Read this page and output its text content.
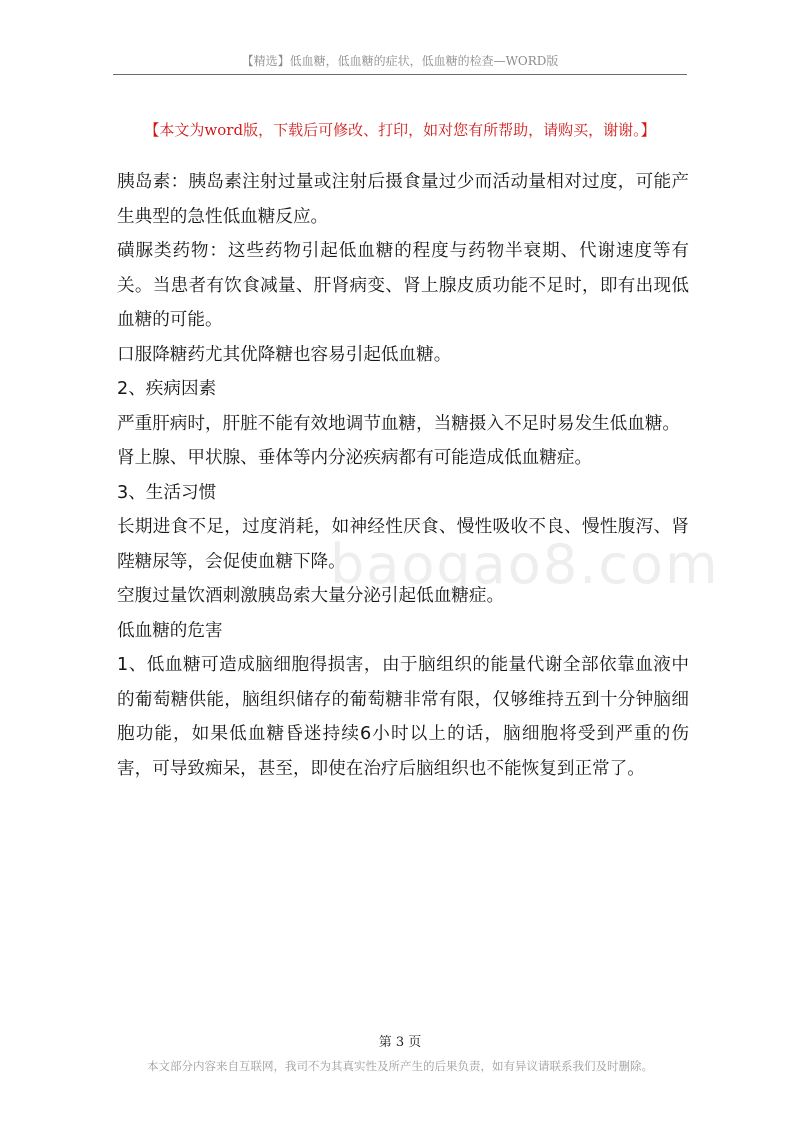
【精选】低血糖，低血糖的症状，低血糖的检查—WORD版
【本文为word版，下载后可修改、打印，如对您有所帮助，请购买，谢谢。】
baogao8.com

胰岛素：胰岛素注射过量或注射后摄食量过少而活动量相对过度，可能产生典型的急性低血糖反应。

磺脲类药物：这些药物引起低血糖的程度与药物半衰期、代谢速度等有关。当患者有饮食减量、肝肾病变、肾上腺皮质功能不足时，即有出现低血糖的可能。

口服降糖药尤其优降糖也容易引起低血糖。

2、疾病因素

严重肝病时，肝脏不能有效地调节血糖，当糖摄入不足时易发生低血糖。

肾上腺、甲状腺、垂体等内分泌疾病都有可能造成低血糖症。

3、生活习惯

长期进食不足，过度消耗，如神经性厌食、慢性吸收不良、慢性腹泻、肾陛糖尿等，会促使血糖下降。

空腹过量饮酒刺激胰岛索大量分泌引起低血糖症。

低血糖的危害

1、低血糖可造成脑细胞得损害，由于脑组织的能量代谢全部依靠血液中的葡萄糖供能，脑组织储存的葡萄糖非常有限，仅够维持五到十分钟脑细胞功能，如果低血糖昏迷持续6小时以上的话，脑细胞将受到严重的伤害，可导致痴呆，甚至，即使在治疗后脑组织也不能恢复到正常了。

第 3 页
本文部分内容来自互联网，我司不为其真实性及所产生的后果负责，如有异议请联系我们及时删除。
